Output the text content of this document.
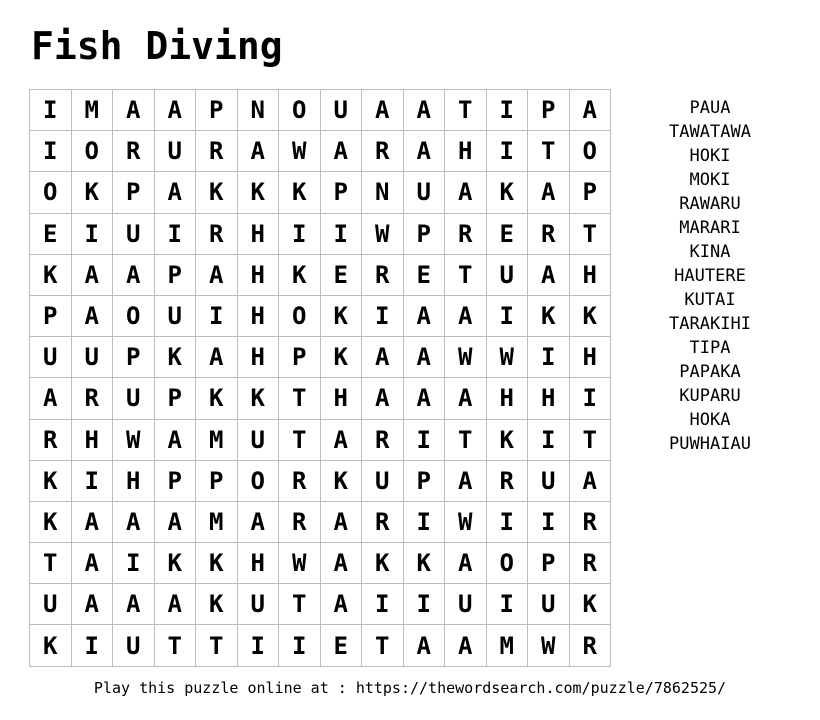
Fish Diving
I	M	A	A	P	N	O	U	A	A	T	I	P	A
I	O	R	U	R	A	W	A	R	A	H	I	T	O
O	K	P	A	K	K	K	P	N	U	A	K	A	P
E	I	U	I	R	H	I	I	W	P	R	E	R	T
K	A	A	P	A	H	K	E	R	E	T	U	A	H
P	A	O	U	I	H	O	K	I	A	A	I	K	K
U	U	P	K	A	H	P	K	A	A	W	W	I	H
A	R	U	P	K	K	T	H	A	A	A	H	H	I
R	H	W	A	M	U	T	A	R	I	T	K	I	T
K	I	H	P	P	O	R	K	U	P	A	R	U	A
K	A	A	A	M	A	R	A	R	I	W	I	I	R
T	A	I	K	K	H	W	A	K	K	A	O	P	R
U	A	A	A	K	U	T	A	I	I	U	I	U	K
K	I	U	T	T	I	I	E	T	A	A	M	W	R
PAUA
TAWATAWA
HOKI
MOKI
RAWARU
MARARI
KINA
HAUTERE
KUTAI
TARAKIHI
TIPA
PAPAKA
KUPARU
HOKA
PUWHAIAU
Play this puzzle online at : https://thewordsearch.com/puzzle/7862525/
